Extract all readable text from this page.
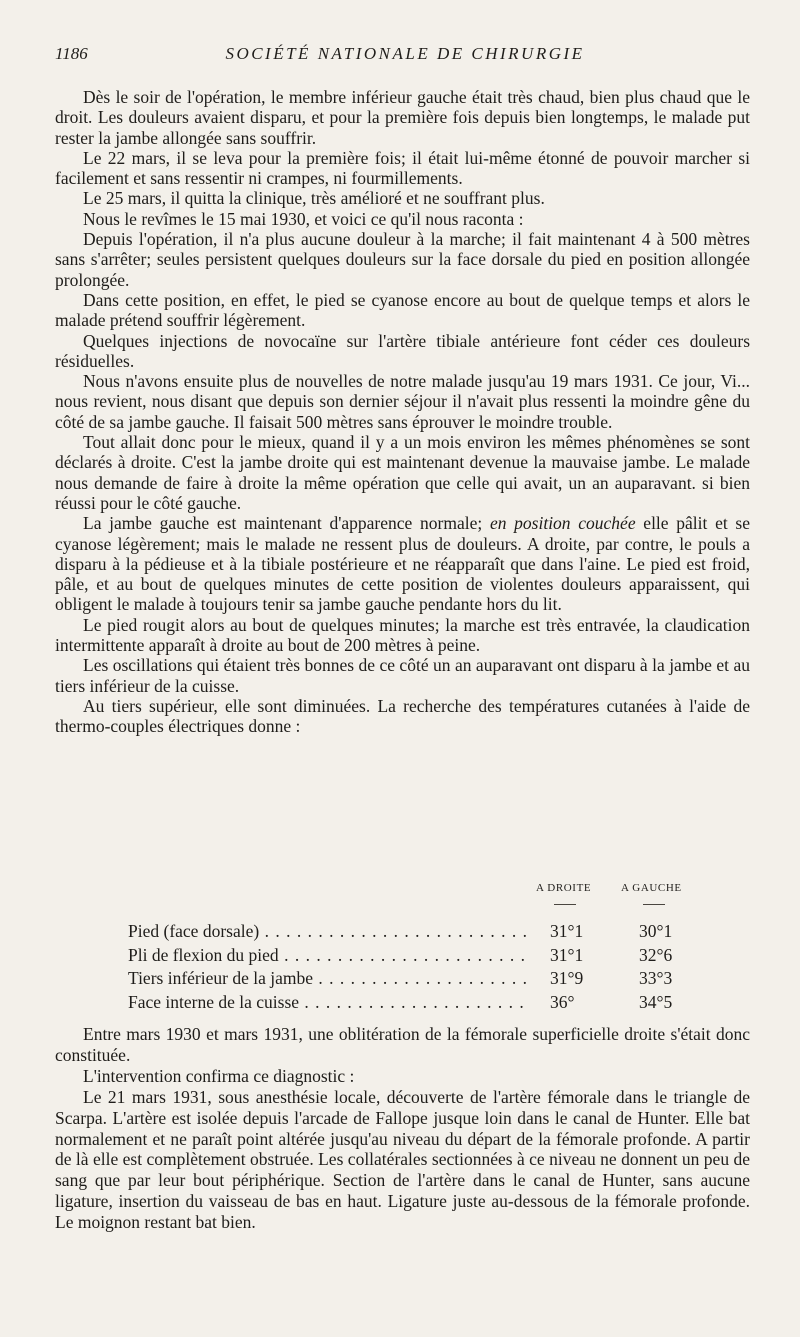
1186	SOCIÉTÉ NATIONALE DE CHIRURGIE

Dès le soir de l'opération, le membre inférieur gauche était très chaud, bien plus chaud que le droit. Les douleurs avaient disparu, et pour la première fois depuis bien longtemps, le malade put rester la jambe allongée sans souffrir.

Le 22 mars, il se leva pour la première fois; il était lui-même étonné de pouvoir marcher si facilement et sans ressentir ni crampes, ni fourmillements.

Le 25 mars, il quitta la clinique, très amélioré et ne souffrant plus.

Nous le revîmes le 15 mai 1930, et voici ce qu'il nous raconta :

Depuis l'opération, il n'a plus aucune douleur à la marche; il fait maintenant 4 à 500 mètres sans s'arrêter; seules persistent quelques douleurs sur la face dorsale du pied en position allongée prolongée.

Dans cette position, en effet, le pied se cyanose encore au bout de quelque temps et alors le malade prétend souffrir légèrement.

Quelques injections de novocaïne sur l'artère tibiale antérieure font céder ces douleurs résiduelles.

Nous n'avons ensuite plus de nouvelles de notre malade jusqu'au 19 mars 1931. Ce jour, Vi... nous revient, nous disant que depuis son dernier séjour il n'avait plus ressenti la moindre gêne du côté de sa jambe gauche. Il faisait 500 mètres sans éprouver le moindre trouble.

Tout allait donc pour le mieux, quand il y a un mois environ les mêmes phénomènes se sont déclarés à droite. C'est la jambe droite qui est maintenant devenue la mauvaise jambe. Le malade nous demande de faire à droite la même opération que celle qui avait, un an auparavant. si bien réussi pour le côté gauche.

La jambe gauche est maintenant d'apparence normale; en position couchée elle pâlit et se cyanose légèrement; mais le malade ne ressent plus de douleurs. A droite, par contre, le pouls a disparu à la pédieuse et à la tibiale postérieure et ne réapparaît que dans l'aine. Le pied est froid, pâle, et au bout de quelques minutes de cette position de violentes douleurs apparaissent, qui obligent le malade à toujours tenir sa jambe gauche pendante hors du lit.

Le pied rougit alors au bout de quelques minutes; la marche est très entravée, la claudication intermittente apparaît à droite au bout de 200 mètres à peine.

Les oscillations qui étaient très bonnes de ce côté un an auparavant ont disparu à la jambe et au tiers inférieur de la cuisse.

Au tiers supérieur, elle sont diminuées. La recherche des températures cutanées à l'aide de thermo-couples électriques donne :

A DROITE	A GAUCHE
Pied (face dorsale) . . .	31°1	30°1
Pli de flexion du pied . . .	31°1	32°6
Tiers inférieur de la jambe . . .	31°9	33°3
Face interne de la cuisse . . .	36°	34°5

Entre mars 1930 et mars 1931, une oblitération de la fémorale superficielle droite s'était donc constituée.

L'intervention confirma ce diagnostic :

Le 21 mars 1931, sous anesthésie locale, découverte de l'artère fémorale dans le triangle de Scarpa. L'artère est isolée depuis l'arcade de Fallope jusque loin dans le canal de Hunter. Elle bat normalement et ne paraît point altérée jusqu'au niveau du départ de la fémorale profonde. A partir de là elle est complètement obstruée. Les collatérales sectionnées à ce niveau ne donnent un peu de sang que par leur bout périphérique. Section de l'artère dans le canal de Hunter, sans aucune ligature, insertion du vaisseau de bas en haut. Ligature juste au-dessous de la fémorale profonde. Le moignon restant bat bien.
